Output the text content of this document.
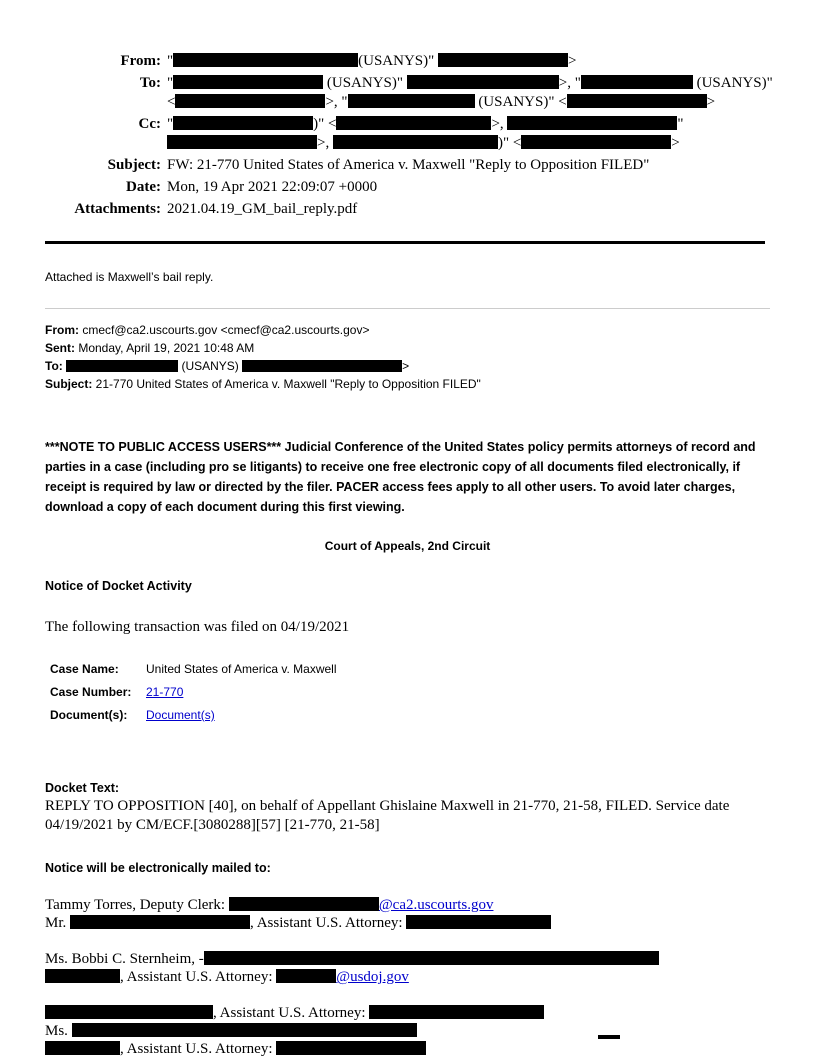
From: "	(USANYS)"	>
To: "	(USANYS)"	>, "	(USANYS)"
<	>, "	(USANYS)" <	>
Cc: "	)" <	>,	"
>,	)" <	>
Subject: FW: 21-770 United States of America v. Maxwell "Reply to Opposition FILED"
Date: Mon, 19 Apr 2021 22:09:07 +0000
Attachments: 2021.04.19_GM_bail_reply.pdf

Attached is Maxwell’s bail reply.

From: cmecf@ca2.uscourts.gov <cmecf@ca2.uscourts.gov>
Sent: Monday, April 19, 2021 10:48 AM
To:	(USANYS)	>
Subject: 21-770 United States of America v. Maxwell "Reply to Opposition FILED"

***NOTE TO PUBLIC ACCESS USERS*** Judicial Conference of the United States policy permits attorneys of record and parties in a case (including pro se litigants) to receive one free electronic copy of all documents filed electronically, if receipt is required by law or directed by the filer. PACER access fees apply to all other users. To avoid later charges, download a copy of each document during this first viewing.

Court of Appeals, 2nd Circuit

Notice of Docket Activity

The following transaction was filed on 04/19/2021

Case Name:	United States of America v. Maxwell
Case Number:	21-770
Document(s):	Document(s)

Docket Text:

REPLY TO OPPOSITION [40], on behalf of Appellant Ghislaine Maxwell in 21-770, 21-58, FILED. Service date 04/19/2021 by CM/ECF.[3080288][57] [21-770, 21-58]

Notice will be electronically mailed to:

Tammy Torres, Deputy Clerk:	@ca2.uscourts.gov
Mr.	, Assistant U.S. Attorney:
Ms. Bobbi C. Sternheim, -
, Assistant U.S. Attorney:	@usdoj.gov
, Assistant U.S. Attorney:
Ms.
, Assistant U.S. Attorney:
